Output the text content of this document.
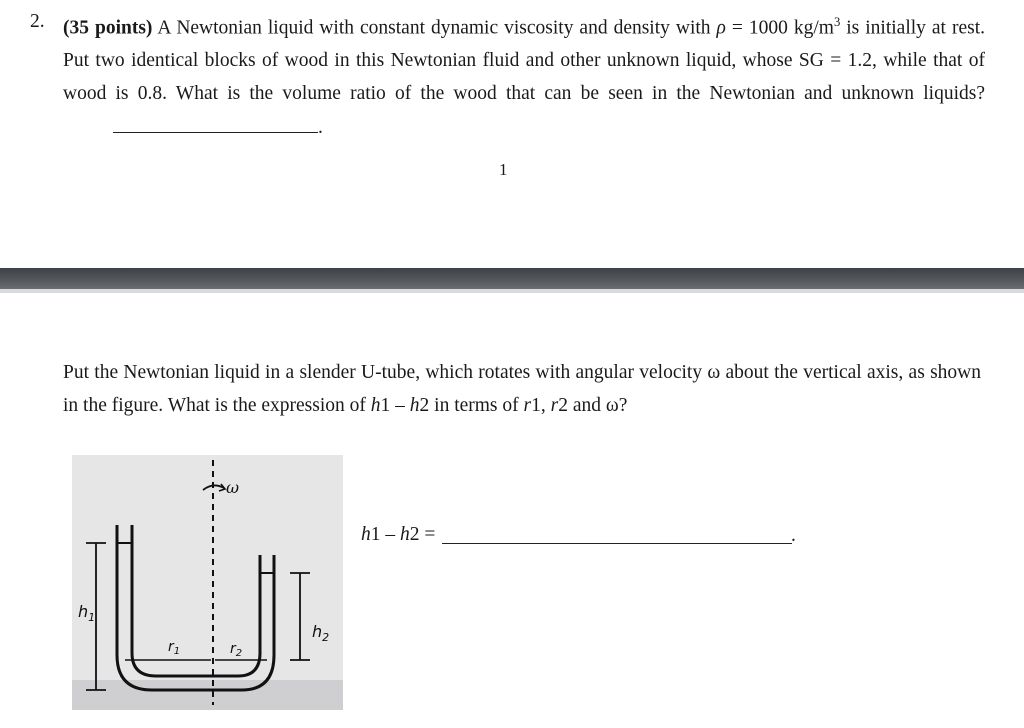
2. (35 points) A Newtonian liquid with constant dynamic viscosity and density with ρ = 1000 $kg/m^3$ is initially at rest. Put two identical blocks of wood in this Newtonian fluid and other unknown liquid, whose SG = 1.2, while that of wood is 0.8. What is the volume ratio of the wood that can be seen in the Newtonian and unknown liquids?.
1
Put the Newtonian liquid in a slender U-tube, which rotates with angular velocity ω about the vertical axis, as shown in the figure. What is the expression of h1 – h2 in terms of r1, r2 and ω?
ω
$h_1$
$h_2$
$r_1$	$r_2$
h1 – h2 =	.
